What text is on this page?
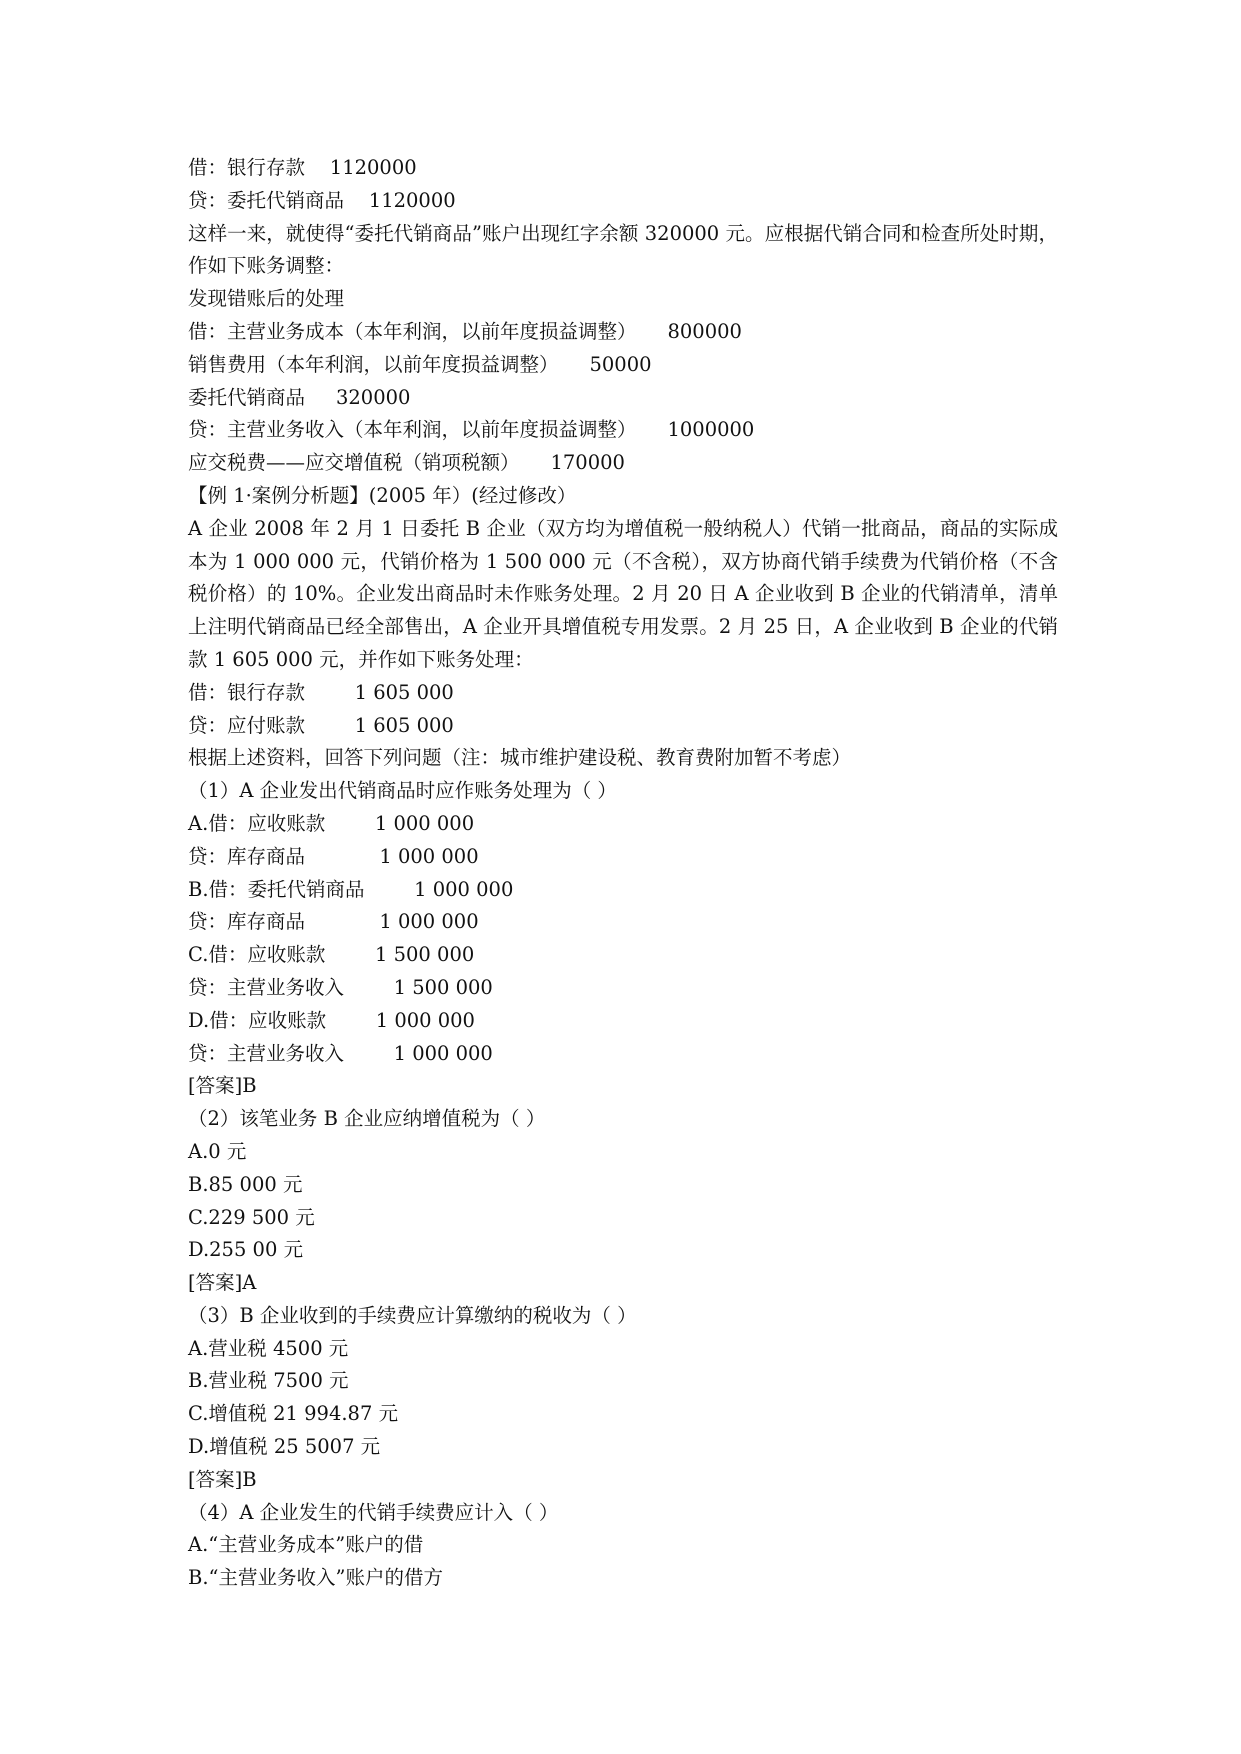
借：银行存款    1120000
贷：委托代销商品    1120000
这样一来，就使得“委托代销商品”账户出现红字余额 320000 元。应根据代销合同和检查所处时期，作如下账务调整：
发现错账后的处理
借：主营业务成本（本年利润，以前年度损益调整）     800000
销售费用（本年利润，以前年度损益调整）     50000
委托代销商品     320000
贷：主营业务收入（本年利润，以前年度损益调整）     1000000
应交税费——应交增值税（销项税额）     170000
【例 1·案例分析题】(2005 年）(经过修改）
A 企业 2008 年 2 月 1 日委托 B 企业（双方均为增值税一般纳税人）代销一批商品，商品的实际成本为 1 000 000 元，代销价格为 1 500 000 元（不含税），双方协商代销手续费为代销价格（不含税价格）的 10%。企业发出商品时未作账务处理。2 月 20 日 A 企业收到 B 企业的代销清单，清单上注明代销商品已经全部售出，A 企业开具增值税专用发票。2 月 25 日，A 企业收到 B 企业的代销款 1 605 000 元，并作如下账务处理：
借：银行存款        1 605 000
贷：应付账款        1 605 000
根据上述资料，回答下列问题（注：城市维护建设税、教育费附加暂不考虑）
（1）A 企业发出代销商品时应作账务处理为（ ）
A.借：应收账款        1 000 000
贷：库存商品            1 000 000
B.借：委托代销商品        1 000 000
贷：库存商品            1 000 000
C.借：应收账款        1 500 000
贷：主营业务收入        1 500 000
D.借：应收账款        1 000 000
贷：主营业务收入        1 000 000
[答案]B
（2）该笔业务 B 企业应纳增值税为（ ）
A.0 元
B.85 000 元
C.229 500 元
D.255 00 元
[答案]A
（3）B 企业收到的手续费应计算缴纳的税收为（ ）
A.营业税 4500 元
B.营业税 7500 元
C.增值税 21 994.87 元
D.增值税 25 5007 元
[答案]B
（4）A 企业发生的代销手续费应计入（ ）
A.“主营业务成本”账户的借
B.“主营业务收入”账户的借方
